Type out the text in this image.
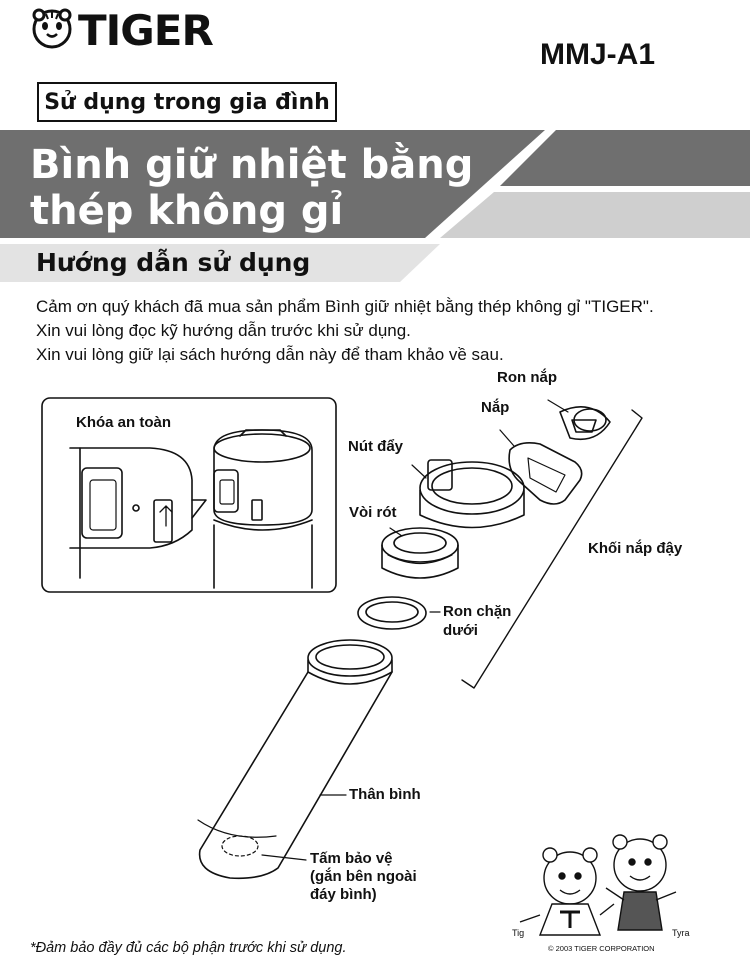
TIGER	MMJ-A1
Sử dụng trong gia đình
Bình giữ nhiệt bằng
thép không gỉ
Hướng dẫn sử dụng
Cảm ơn quý khách đã mua sản phẩm Bình giữ nhiệt bằng thép không gỉ "TIGER".
Xin vui lòng đọc kỹ hướng dẫn trước khi sử dụng.
Xin vui lòng giữ lại sách hướng dẫn này để tham khảo về sau.
Khóa an toàn
Ron nắp
Nắp
Nút đẩy
Vòi rót
Khối nắp đậy
Ron chặn
dưới
Thân bình
Tấm bảo vệ
(gắn bên ngoài
đáy bình)
Tig	Tyra
© 2003 TIGER CORPORATION
*Đảm bảo đầy đủ các bộ phận trước khi sử dụng.
